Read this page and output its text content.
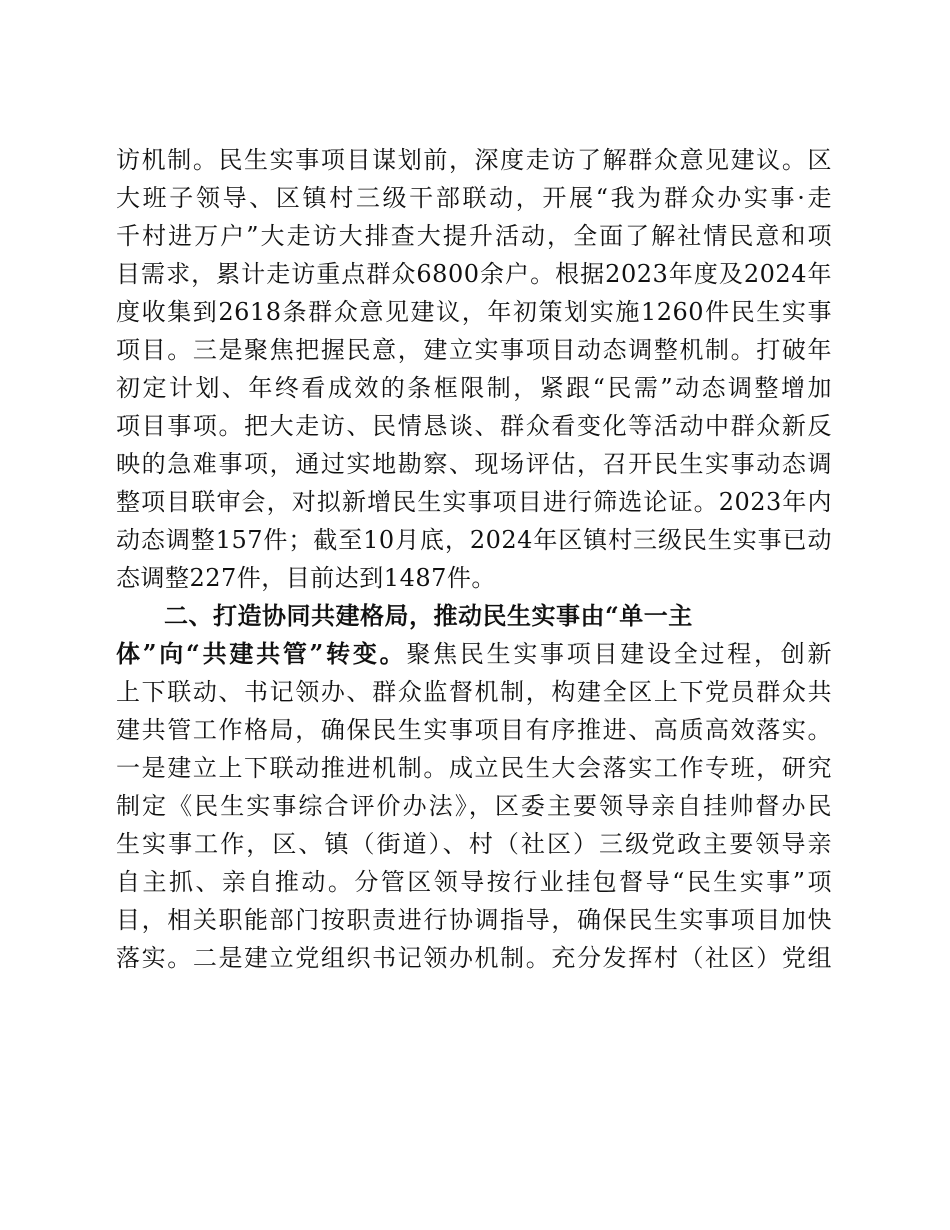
访机制。民生实事项目谋划前，深度走访了解群众意见建议。区
大班子领导、区镇村三级干部联动，开展“我为群众办实事·走
千村进万户”大走访大排查大提升活动，全面了解社情民意和项
目需求，累计走访重点群众6800余户。根据2023年度及2024年
度收集到2618条群众意见建议，年初策划实施1260件民生实事
项目。三是聚焦把握民意，建立实事项目动态调整机制。打破年
初定计划、年终看成效的条框限制，紧跟“民需”动态调整增加
项目事项。把大走访、民情恳谈、群众看变化等活动中群众新反
映的急难事项，通过实地勘察、现场评估，召开民生实事动态调
整项目联审会，对拟新增民生实事项目进行筛选论证。2023年内
动态调整157件；截至10月底，2024年区镇村三级民生实事已动
态调整227件，目前达到1487件。
二、打造协同共建格局，推动民生实事由“单一主
体”向“共建共管”转变。聚焦民生实事项目建设全过程，创新
上下联动、书记领办、群众监督机制，构建全区上下党员群众共
建共管工作格局，确保民生实事项目有序推进、高质高效落实。
一是建立上下联动推进机制。成立民生大会落实工作专班，研究
制定《民生实事综合评价办法》，区委主要领导亲自挂帅督办民
生实事工作，区、镇（街道）、村（社区）三级党政主要领导亲
自主抓、亲自推动。分管区领导按行业挂包督导“民生实事”项
目，相关职能部门按职责进行协调指导，确保民生实事项目加快
落实。二是建立党组织书记领办机制。充分发挥村（社区）党组
